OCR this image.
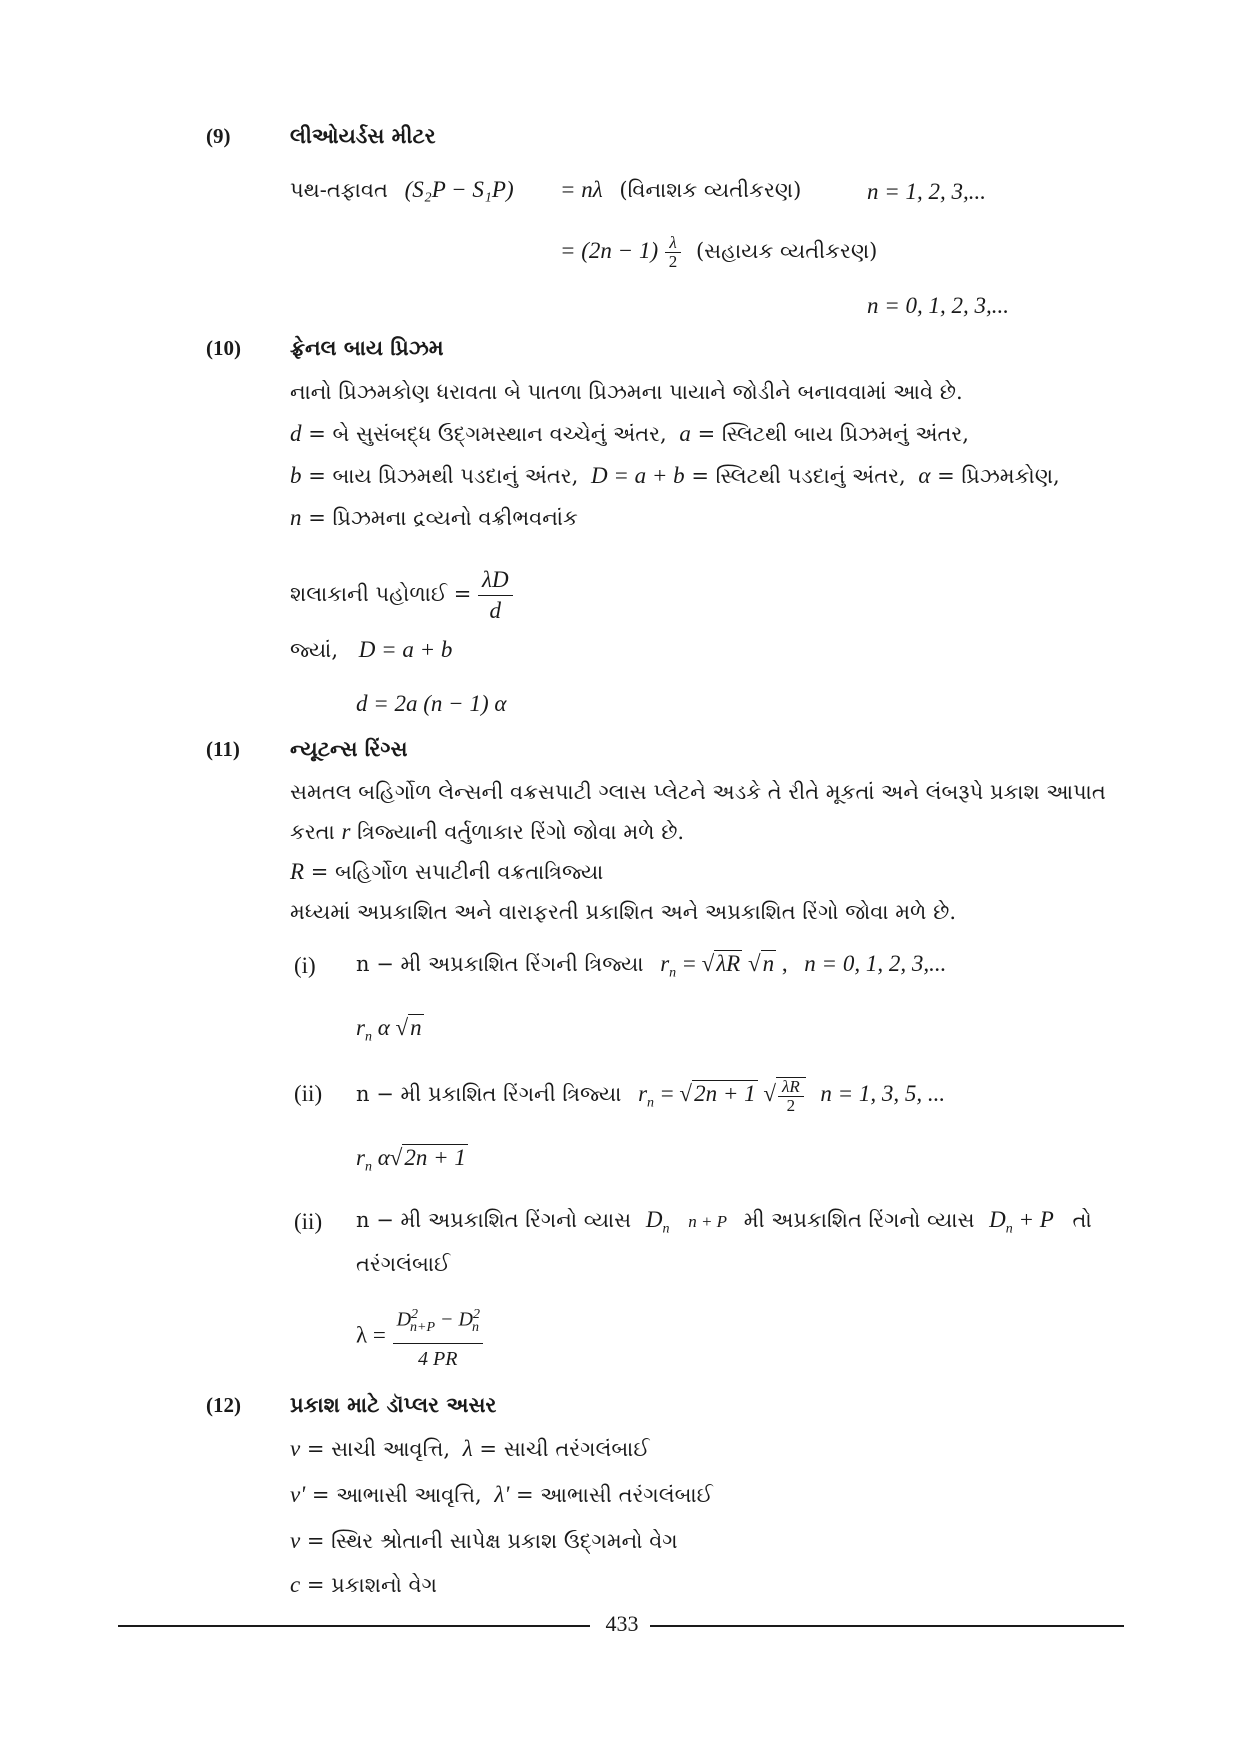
(9)	લીઓયર્ડસ મીટર
પથ-તફાવત (S₂P − S₁P) = nλ (વિનાશક વ્યતીકરણ)	n = 1, 2, 3,...
= $(2n - 1) \frac{\lambda}{2}$ (સહાયક વ્યતીકરણ)
n = 0, 1, 2, 3,...
(10) ફ્રેનલ બાય પ્રિઝમ
નાનો પ્રિઝમકોણ ધરાવતા બે પાતળા પ્રિઝમના પાયાને જોડીને બનાવવામાં આવે છે.
d = બે સુસંબદ્ધ ઉદ્ગમસ્થાન વચ્ચેનું અંતર, a = સ્લિટથી બાય પ્રિઝમનું અંતર,
b = બાય પ્રિઝમથી પડદાનું અંતર, D = a + b = સ્લિટથી પડદાનું અંતર, α = પ્રિઝમકોણ,
n = પ્રિઝમના દ્રવ્યનો વક્રીભવનાંક
શલાકાની પહોળાઈ = $\frac{\lambda D}{d}$
જ્યાં, D = a + b
d = 2a (n − 1) α
(11) ન્યૂટન્સ રિંગ્સ
સમતલ બહિર્ગોળ લેન્સની વક્રસપાટી ગ્લાસ પ્લેટને અડકે તે રીતે મૂકતાં અને લંબરૂપે પ્રકાશ આપાત
કરતા r ત્રિજ્યાની વર્તુળાકાર રિંગો જોવા મળે છે.
R = બહિર્ગોળ સપાટીની વક્રતાત્રિજ્યા
મધ્યમાં અપ્રકાશિત અને વારાફરતી પ્રકાશિત અને અપ્રકાશિત રિંગો જોવા મળે છે.
(i) n − મી અપ્રકાશિત રિંગની ત્રિજ્યા $r_n = √\lambda R$ √n , n = 0, 1, 2, 3,...
$r_n$ α √n
(ii) n − મી પ્રકાશિત રિંગની ત્રિજ્યા $r_n = √2n + 1$ √ $\frac{\lambda R}{2}$ n = 1, 3, 5, ...
$r_n$ α√2n + 1
(ii) n − મી અપ્રકાશિત રિંગનો વ્યાસ $D_n$ n + P મી અપ્રકાશિત રિંગનો વ્યાસ $D_n + P$ તો
તરંગલંબાઈ
$\lambda = \frac{D^2_{n+P} - D^2_n}{4 PR}$
(12) પ્રકાશ માટે ડૉપ્લર અસર
ν = સાચી આવૃત્તિ, λ = સાચી તરંગલંબાઈ
ν' = આભાસી આવૃત્તિ, λ' = આભાસી તરંગલંબાઈ
v = સ્થિર શ્રોતાની સાપેક્ષ પ્રકાશ ઉદ્ગમનો વેગ
c = પ્રકાશનો વેગ
433
